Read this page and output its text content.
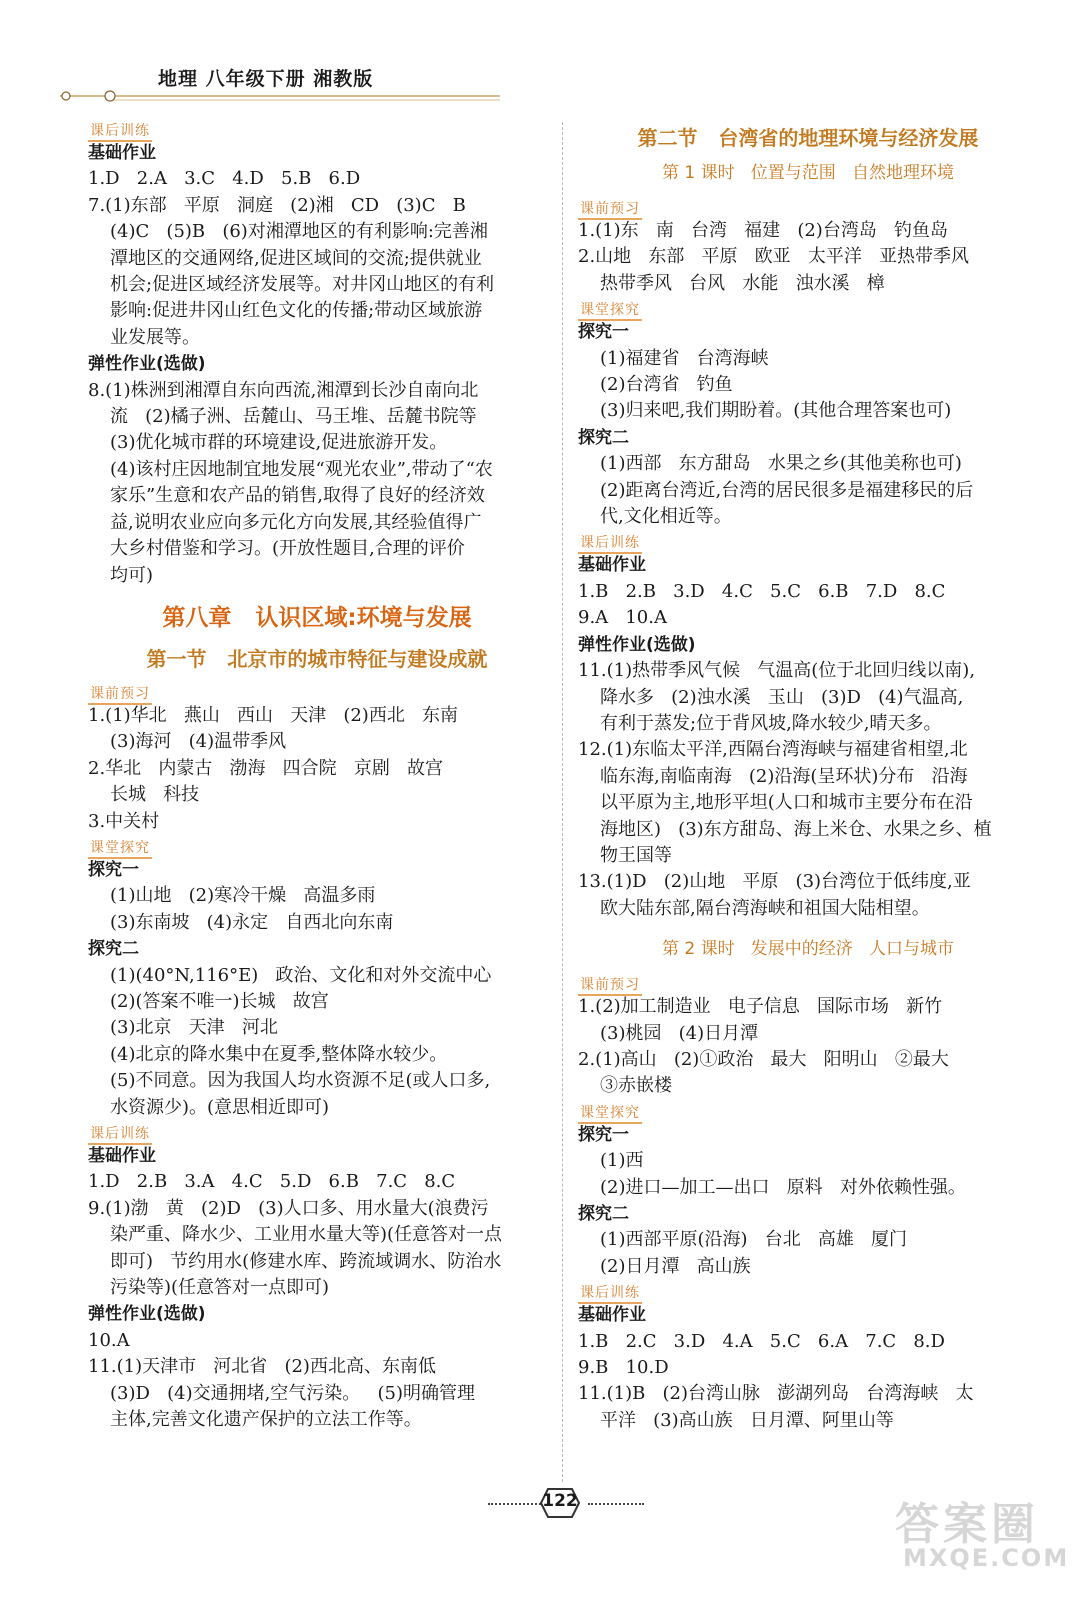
地理 八年级下册 湘教版
课后训练
基础作业
1.D   2.A   3.C   4.D   5.B   6.D
7.(1)东部   平原   洞庭   (2)湘   CD   (3)C   B
(4)C   (5)B   (6)对湘潭地区的有利影响:完善湘
潭地区的交通网络,促进区域间的交流;提供就业
机会;促进区域经济发展等。对井冈山地区的有利
影响:促进井冈山红色文化的传播;带动区域旅游
业发展等。
弹性作业(选做)
8.(1)株洲到湘潭自东向西流,湘潭到长沙自南向北
流   (2)橘子洲、岳麓山、马王堆、岳麓书院等
(3)优化城市群的环境建设,促进旅游开发。
(4)该村庄因地制宜地发展“观光农业”,带动了“农
家乐”生意和农产品的销售,取得了良好的经济效
益,说明农业应向多元化方向发展,其经验值得广
大乡村借鉴和学习。(开放性题目,合理的评价
均可)
第八章   认识区域:环境与发展
第一节   北京市的城市特征与建设成就
课前预习
1.(1)华北   燕山   西山   天津   (2)西北   东南
(3)海河   (4)温带季风
2.华北   内蒙古   渤海   四合院   京剧   故宫
长城   科技
3.中关村
课堂探究
探究一
(1)山地   (2)寒冷干燥   高温多雨
(3)东南坡   (4)永定   自西北向东南
探究二
(1)(40°N,116°E)   政治、文化和对外交流中心
(2)(答案不唯一)长城   故宫
(3)北京   天津   河北
(4)北京的降水集中在夏季,整体降水较少。
(5)不同意。因为我国人均水资源不足(或人口多,
水资源少)。(意思相近即可)
课后训练
基础作业
1.D   2.B   3.A   4.C   5.D   6.B   7.C   8.C
9.(1)渤   黄   (2)D   (3)人口多、用水量大(浪费污
染严重、降水少、工业用水量大等)(任意答对一点
即可)   节约用水(修建水库、跨流域调水、防治水
污染等)(任意答对一点即可)
弹性作业(选做)
10.A
11.(1)天津市   河北省   (2)西北高、东南低
(3)D   (4)交通拥堵,空气污染。   (5)明确管理
主体,完善文化遗产保护的立法工作等。
第二节   台湾省的地理环境与经济发展
第 1 课时   位置与范围   自然地理环境
课前预习
1.(1)东   南   台湾   福建   (2)台湾岛   钓鱼岛
2.山地   东部   平原   欧亚   太平洋   亚热带季风
热带季风   台风   水能   浊水溪   樟
课堂探究
探究一
(1)福建省   台湾海峡
(2)台湾省   钓鱼
(3)归来吧,我们期盼着。(其他合理答案也可)
探究二
(1)西部   东方甜岛   水果之乡(其他美称也可)
(2)距离台湾近,台湾的居民很多是福建移民的后
代,文化相近等。
课后训练
基础作业
1.B   2.B   3.D   4.C   5.C   6.B   7.D   8.C
9.A   10.A
弹性作业(选做)
11.(1)热带季风气候   气温高(位于北回归线以南),
降水多   (2)浊水溪   玉山   (3)D   (4)气温高,
有利于蒸发;位于背风坡,降水较少,晴天多。
12.(1)东临太平洋,西隔台湾海峡与福建省相望,北
临东海,南临南海   (2)沿海(呈环状)分布   沿海
以平原为主,地形平坦(人口和城市主要分布在沿
海地区)   (3)东方甜岛、海上米仓、水果之乡、植
物王国等
13.(1)D   (2)山地   平原   (3)台湾位于低纬度,亚
欧大陆东部,隔台湾海峡和祖国大陆相望。
第 2 课时   发展中的经济   人口与城市
课前预习
1.(2)加工制造业   电子信息   国际市场   新竹
(3)桃园   (4)日月潭
2.(1)高山   (2)①政治   最大   阳明山   ②最大
③赤嵌楼
课堂探究
探究一
(1)西
(2)进口—加工—出口   原料   对外依赖性强。
探究二
(1)西部平原(沿海)   台北   高雄   厦门
(2)日月潭   高山族
课后训练
基础作业
1.B   2.C   3.D   4.A   5.C   6.A   7.C   8.D
9.B   10.D
11.(1)B   (2)台湾山脉   澎湖列岛   台湾海峡   太
平洋   (3)高山族   日月潭、阿里山等
122	答案圈
MXQE.COM
